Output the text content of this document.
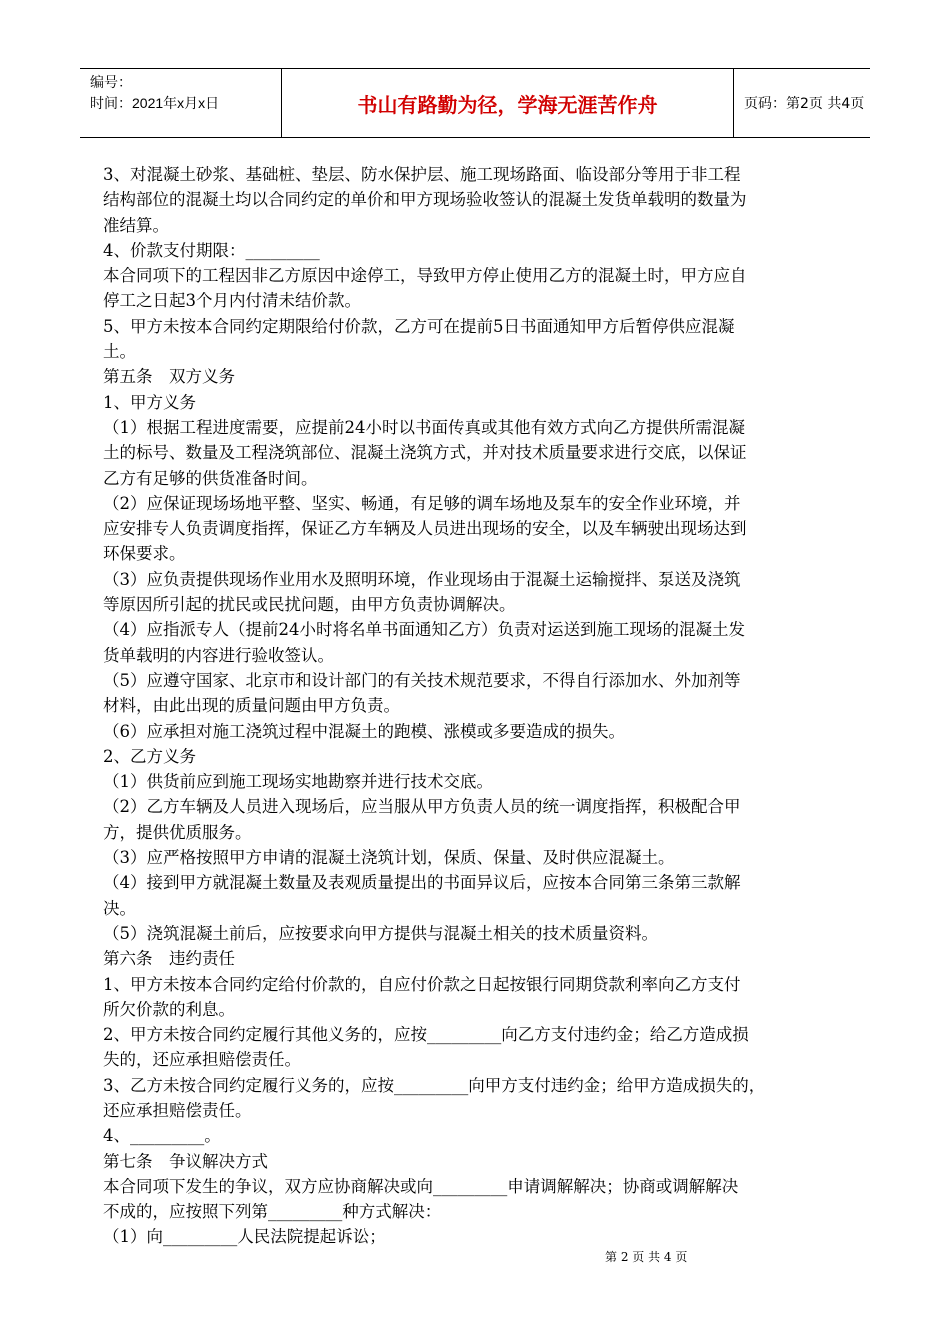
编号：
时间：2021年x月x日	书山有路勤为径，学海无涯苦作舟	页码：第2页 共4页

3、对混凝土砂浆、基础桩、垫层、防水保护层、施工现场路面、临设部分等用于非工程

结构部位的混凝土均以合同约定的单价和甲方现场验收签认的混凝土发货单载明的数量为

准结算。

4、价款支付期限：_________

本合同项下的工程因非乙方原因中途停工，导致甲方停止使用乙方的混凝土时，甲方应自

停工之日起3个月内付清未结价款。

5、甲方未按本合同约定期限给付价款，乙方可在提前5日书面通知甲方后暂停供应混凝

土。

第五条　双方义务

1、甲方义务

（1）根据工程进度需要，应提前24小时以书面传真或其他有效方式向乙方提供所需混凝

土的标号、数量及工程浇筑部位、混凝土浇筑方式，并对技术质量要求进行交底，以保证

乙方有足够的供货准备时间。

（2）应保证现场场地平整、坚实、畅通，有足够的调车场地及泵车的安全作业环境，并

应安排专人负责调度指挥，保证乙方车辆及人员进出现场的安全，以及车辆驶出现场达到

环保要求。

（3）应负责提供现场作业用水及照明环境，作业现场由于混凝土运输搅拌、泵送及浇筑

等原因所引起的扰民或民扰问题，由甲方负责协调解决。

（4）应指派专人（提前24小时将名单书面通知乙方）负责对运送到施工现场的混凝土发

货单载明的内容进行验收签认。

（5）应遵守国家、北京市和设计部门的有关技术规范要求，不得自行添加水、外加剂等

材料，由此出现的质量问题由甲方负责。

（6）应承担对施工浇筑过程中混凝土的跑模、涨模或多要造成的损失。

2、乙方义务

（1）供货前应到施工现场实地勘察并进行技术交底。

（2）乙方车辆及人员进入现场后，应当服从甲方负责人员的统一调度指挥，积极配合甲

方，提供优质服务。

（3）应严格按照甲方申请的混凝土浇筑计划，保质、保量、及时供应混凝土。

（4）接到甲方就混凝土数量及表观质量提出的书面异议后，应按本合同第三条第三款解

决。

（5）浇筑混凝土前后，应按要求向甲方提供与混凝土相关的技术质量资料。

第六条　违约责任

1、甲方未按本合同约定给付价款的，自应付价款之日起按银行同期贷款利率向乙方支付

所欠价款的利息。

2、甲方未按合同约定履行其他义务的，应按_________向乙方支付违约金；给乙方造成损

失的，还应承担赔偿责任。

3、乙方未按合同约定履行义务的，应按_________向甲方支付违约金；给甲方造成损失的，

还应承担赔偿责任。

4、_________。

第七条　争议解决方式

本合同项下发生的争议，双方应协商解决或向_________申请调解解决；协商或调解解决

不成的，应按照下列第_________种方式解决：

（1）向_________人民法院提起诉讼；

第 2 页 共 4 页
